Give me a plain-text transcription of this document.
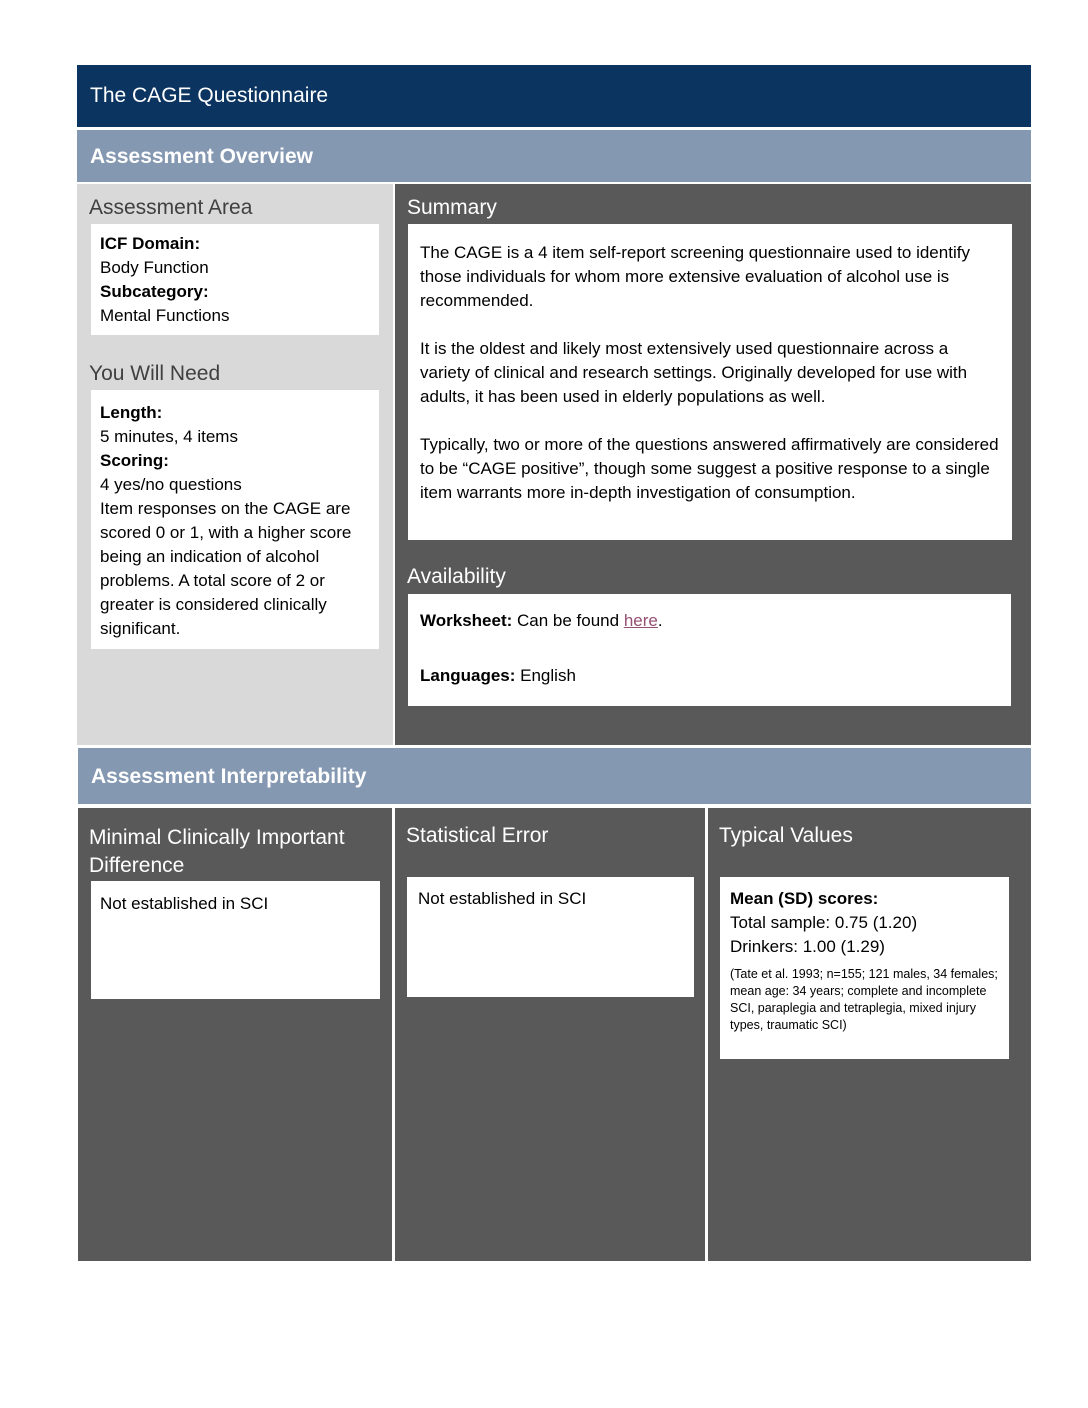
The CAGE Questionnaire
Assessment Overview
Assessment Area

ICF Domain:

Body Function

Subcategory:

Mental Functions

You Will Need

Length:

5 minutes, 4 items

Scoring:

4 yes/no questions

Item responses on the CAGE are scored 0 or 1, with a higher score being an indication of alcohol problems. A total score of 2 or greater is considered clinically significant.

Summary

The CAGE is a 4 item self-report screening questionnaire used to identify those individuals for whom more extensive evaluation of alcohol use is recommended.

It is the oldest and likely most extensively used questionnaire across a variety of clinical and research settings. Originally developed for use with adults, it has been used in elderly populations as well.

Typically, two or more of the questions answered affirmatively are considered to be “CAGE positive”, though some suggest a positive response to a single item warrants more in-depth investigation of consumption.

Availability

Worksheet: Can be found here.

Languages: English

Assessment Interpretability
Minimal Clinically Important Difference

Not established in SCI

Statistical Error

Not established in SCI

Typical Values

Mean (SD) scores:

Total sample: 0.75 (1.20)

Drinkers: 1.00 (1.29)

(Tate et al. 1993; n=155; 121 males, 34 females; mean age: 34 years; complete and incomplete SCI, paraplegia and tetraplegia, mixed injury types, traumatic SCI)
